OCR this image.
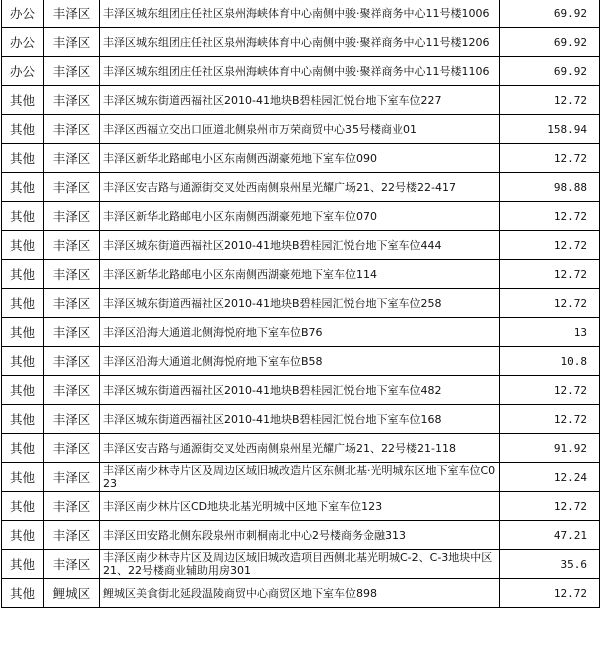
办公	丰泽区	丰泽区城东组团庄任社区泉州海峡体育中心南侧中骏·聚祥商务中心11号楼1006	69.92
办公	丰泽区	丰泽区城东组团庄任社区泉州海峡体育中心南侧中骏·聚祥商务中心11号楼1206	69.92
办公	丰泽区	丰泽区城东组团庄任社区泉州海峡体育中心南侧中骏·聚祥商务中心11号楼1106	69.92
其他	丰泽区	丰泽区城东街道西福社区2010-41地块B碧桂园汇悦台地下室车位227	12.72
其他	丰泽区	丰泽区西福立交出口匝道北侧泉州市万荣商贸中心35号楼商业01	158.94
其他	丰泽区	丰泽区新华北路邮电小区东南侧西湖豪苑地下室车位090	12.72
其他	丰泽区	丰泽区安吉路与通源街交叉处西南侧泉州星光耀广场21、22号楼22-417	98.88
其他	丰泽区	丰泽区新华北路邮电小区东南侧西湖豪苑地下室车位070	12.72
其他	丰泽区	丰泽区城东街道西福社区2010-41地块B碧桂园汇悦台地下室车位444	12.72
其他	丰泽区	丰泽区新华北路邮电小区东南侧西湖豪苑地下室车位114	12.72
其他	丰泽区	丰泽区城东街道西福社区2010-41地块B碧桂园汇悦台地下室车位258	12.72
其他	丰泽区	丰泽区沿海大通道北侧海悦府地下室车位B76	13
其他	丰泽区	丰泽区沿海大通道北侧海悦府地下室车位B58	10.8
其他	丰泽区	丰泽区城东街道西福社区2010-41地块B碧桂园汇悦台地下室车位482	12.72
其他	丰泽区	丰泽区城东街道西福社区2010-41地块B碧桂园汇悦台地下室车位168	12.72
其他	丰泽区	丰泽区安吉路与通源街交叉处西南侧泉州星光耀广场21、22号楼21-118	91.92
其他	丰泽区	丰泽区南少林寺片区及周边区域旧城改造片区东侧北基·光明城东区地下室车位C023	12.24
其他	丰泽区	丰泽区南少林片区CD地块北基光明城中区地下室车位123	12.72
其他	丰泽区	丰泽区田安路北侧东段泉州市刺桐南北中心2号楼商务金融313	47.21
其他	丰泽区	丰泽区南少林寺片区及周边区域旧城改造项目西侧北基光明城C-2、C-3地块中区21、22号楼商业辅助用房301	35.6
其他	鲤城区	鲤城区美食街北延段温陵商贸中心商贸区地下室车位898	12.72
